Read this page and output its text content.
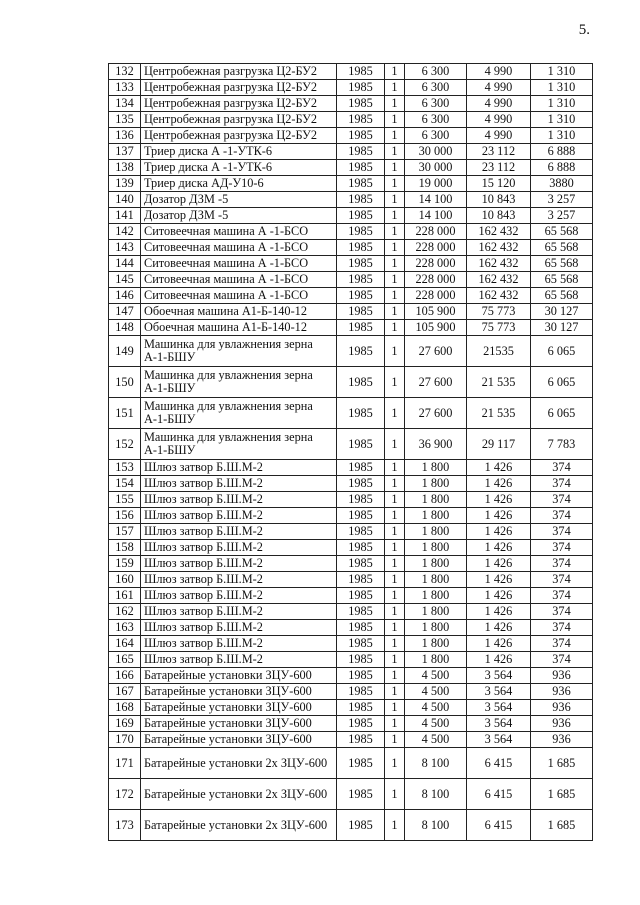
5.
132	Центробежная разгрузка Ц2-БУ2	1985	1	6 300	4 990	1 310
133	Центробежная разгрузка Ц2-БУ2	1985	1	6 300	4 990	1 310
134	Центробежная разгрузка Ц2-БУ2	1985	1	6 300	4 990	1 310
135	Центробежная разгрузка Ц2-БУ2	1985	1	6 300	4 990	1 310
136	Центробежная разгрузка Ц2-БУ2	1985	1	6 300	4 990	1 310
137	Триер диска А -1-УТК-6	1985	1	30 000	23 112	6 888
138	Триер диска А -1-УТК-6	1985	1	30 000	23 112	6 888
139	Триер диска АД-У10-6	1985	1	19 000	15 120	3880
140	Дозатор ДЗМ -5	1985	1	14 100	10 843	3 257
141	Дозатор ДЗМ -5	1985	1	14 100	10 843	3 257
142	Ситовеечная машина А -1-БСО	1985	1	228 000	162 432	65 568
143	Ситовеечная машина А -1-БСО	1985	1	228 000	162 432	65 568
144	Ситовеечная машина А -1-БСО	1985	1	228 000	162 432	65 568
145	Ситовеечная машина А -1-БСО	1985	1	228 000	162 432	65 568
146	Ситовеечная машина А -1-БСО	1985	1	228 000	162 432	65 568
147	Обоечная машина А1-Б-140-12	1985	1	105 900	75 773	30 127
148	Обоечная машина А1-Б-140-12	1985	1	105 900	75 773	30 127
149	Машинка для увлажнения зерна А-1-БШУ	1985	1	27 600	21535	6 065
150	Машинка для увлажнения зерна А-1-БШУ	1985	1	27 600	21 535	6 065
151	Машинка для увлажнения зерна А-1-БШУ	1985	1	27 600	21 535	6 065
152	Машинка для увлажнения зерна А-1-БШУ	1985	1	36 900	29 117	7 783
153	Шлюз затвор Б.Ш.М-2	1985	1	1 800	1 426	374
154	Шлюз затвор Б.Ш.М-2	1985	1	1 800	1 426	374
155	Шлюз затвор Б.Ш.М-2	1985	1	1 800	1 426	374
156	Шлюз затвор Б.Ш.М-2	1985	1	1 800	1 426	374
157	Шлюз затвор Б.Ш.М-2	1985	1	1 800	1 426	374
158	Шлюз затвор Б.Ш.М-2	1985	1	1 800	1 426	374
159	Шлюз затвор Б.Ш.М-2	1985	1	1 800	1 426	374
160	Шлюз затвор Б.Ш.М-2	1985	1	1 800	1 426	374
161	Шлюз затвор Б.Ш.М-2	1985	1	1 800	1 426	374
162	Шлюз затвор Б.Ш.М-2	1985	1	1 800	1 426	374
163	Шлюз затвор Б.Ш.М-2	1985	1	1 800	1 426	374
164	Шлюз затвор Б.Ш.М-2	1985	1	1 800	1 426	374
165	Шлюз затвор Б.Ш.М-2	1985	1	1 800	1 426	374
166	Батарейные установки ЗЦУ-600	1985	1	4 500	3 564	936
167	Батарейные установки ЗЦУ-600	1985	1	4 500	3 564	936
168	Батарейные установки ЗЦУ-600	1985	1	4 500	3 564	936
169	Батарейные установки ЗЦУ-600	1985	1	4 500	3 564	936
170	Батарейные установки ЗЦУ-600	1985	1	4 500	3 564	936
171	Батарейные установки 2х ЗЦУ-600	1985	1	8 100	6 415	1 685
172	Батарейные установки 2х ЗЦУ-600	1985	1	8 100	6 415	1 685
173	Батарейные установки 2х ЗЦУ-600	1985	1	8 100	6 415	1 685
